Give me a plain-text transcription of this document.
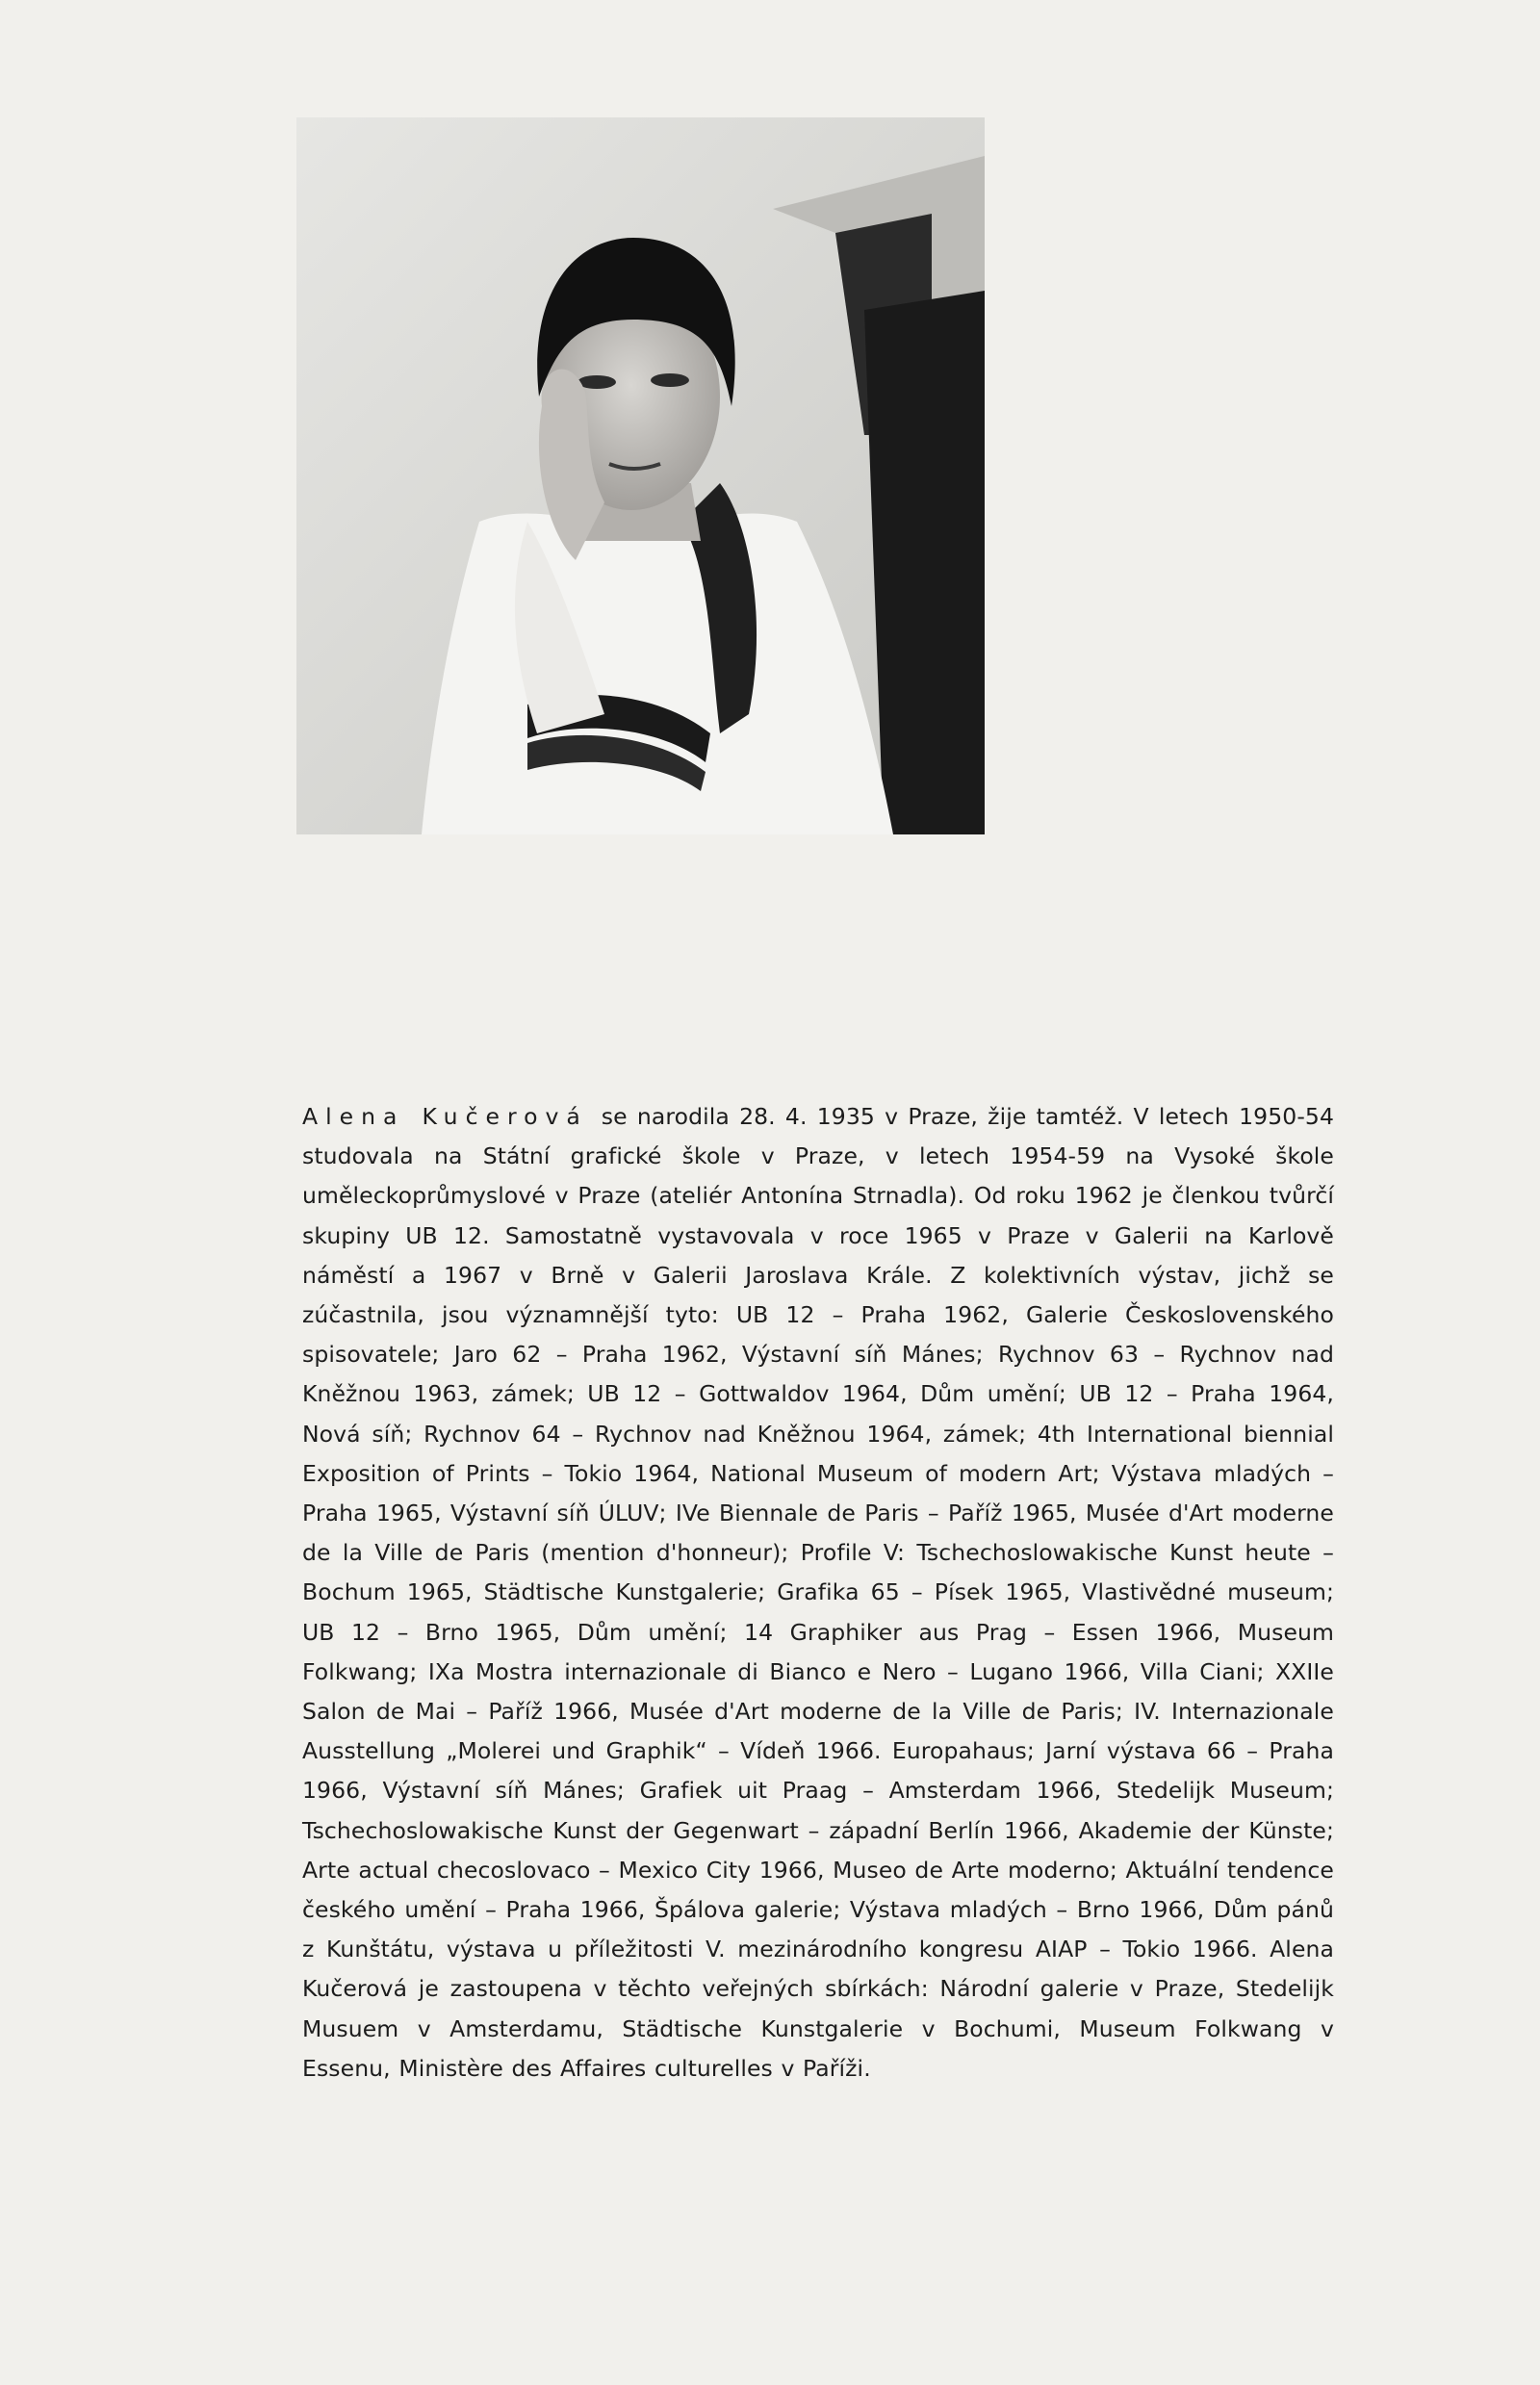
Alena Kučerová se narodila 28. 4. 1935 v Praze, žije tamtéž. V letech 1950-54 studovala na Státní grafické škole v Praze, v letech 1954-59 na Vysoké škole uměleckoprůmyslové v Praze (ateliér Antonína Strnadla). Od roku 1962 je členkou tvůrčí skupiny UB 12. Samostatně vystavovala v roce 1965 v Praze v Galerii na Karlově náměstí a 1967 v Brně v Galerii Jaroslava Krále. Z kolektivních výstav, jichž se zúčastnila, jsou významnější tyto: UB 12 – Praha 1962, Galerie Československého spisovatele; Jaro 62 – Praha 1962, Výstavní síň Mánes; Rychnov 63 – Rychnov nad Kněžnou 1963, zámek; UB 12 – Gottwaldov 1964, Dům umění; UB 12 – Praha 1964, Nová síň; Rychnov 64 – Rychnov nad Kněžnou 1964, zámek; 4th International biennial Exposition of Prints – Tokio 1964, National Museum of modern Art; Výstava mladých – Praha 1965, Výstavní síň ÚLUV; IVe Biennale de Paris – Paříž 1965, Musée d'Art moderne de la Ville de Paris (mention d'honneur); Profile V: Tschechoslowakische Kunst heute – Bochum 1965, Städtische Kunstgalerie; Grafika 65 – Písek 1965, Vlastivědné museum; UB 12 – Brno 1965, Dům umění; 14 Graphiker aus Prag – Essen 1966, Museum Folkwang; IXa Mostra internazionale di Bianco e Nero – Lugano 1966, Villa Ciani; XXIIe Salon de Mai – Paříž 1966, Musée d'Art moderne de la Ville de Paris; IV. Internazionale Ausstellung „Molerei und Graphik“ – Vídeň 1966. Europahaus; Jarní výstava 66 – Praha 1966, Výstavní síň Mánes; Grafiek uit Praag – Amsterdam 1966, Stedelijk Museum; Tschechoslowakische Kunst der Gegenwart – západní Berlín 1966, Akademie der Künste; Arte actual checoslovaco – Mexico City 1966, Museo de Arte moderno; Aktuální tendence českého umění – Praha 1966, Špálova galerie; Výstava mladých – Brno 1966, Dům pánů z Kunštátu, výstava u příležitosti V. mezinárodního kongresu AIAP – Tokio 1966. Alena Kučerová je zastoupena v těchto veřejných sbírkách: Národní galerie v Praze, Stedelijk Musuem v Amsterdamu, Städtische Kunstgalerie v Bochumi, Museum Folkwang v Essenu, Ministère des Affaires culturelles v Paříži.
